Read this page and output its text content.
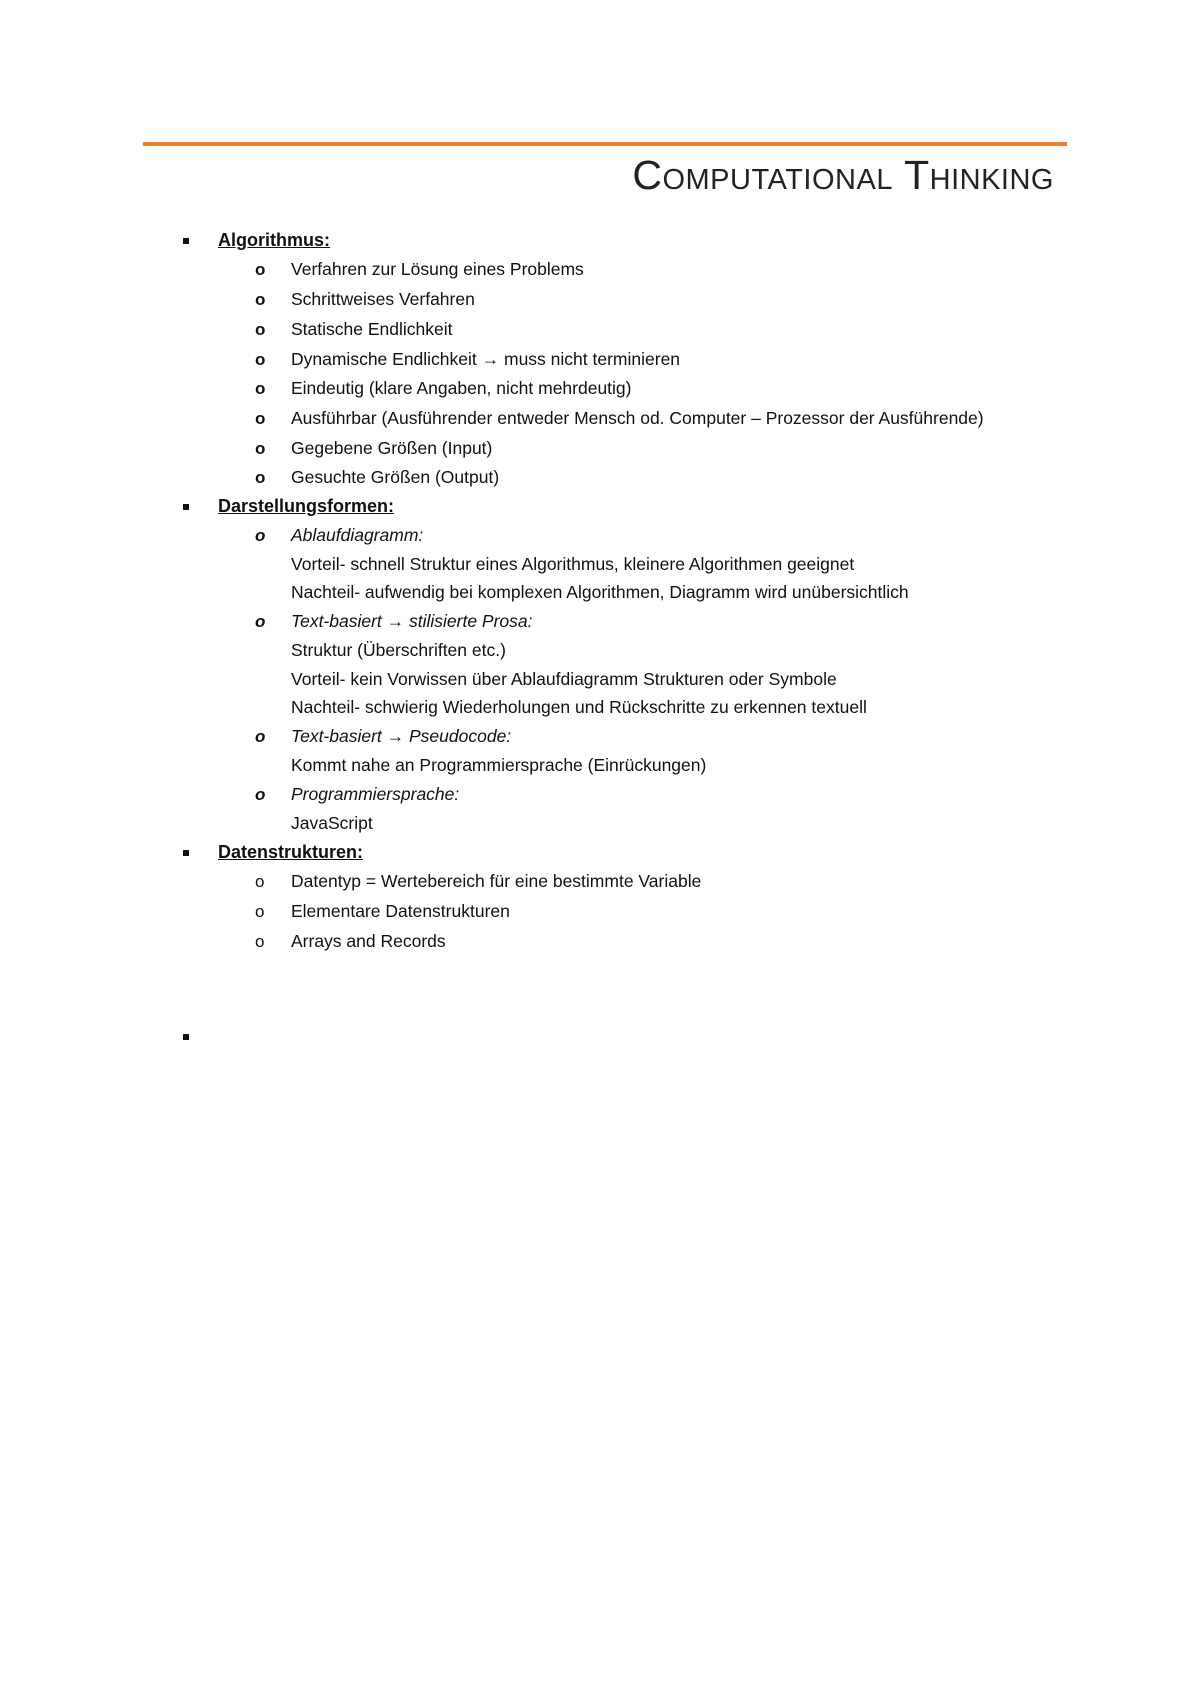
Computational Thinking
Algorithmus:
o Verfahren zur Lösung eines Problems
o Schrittweises Verfahren
o Statische Endlichkeit
o Dynamische Endlichkeit → muss nicht terminieren
o Eindeutig (klare Angaben, nicht mehrdeutig)
o Ausführbar (Ausführender entweder Mensch od. Computer – Prozessor der Ausführende)
o Gegebene Größen (Input)
o Gesuchte Größen (Output)
Darstellungsformen:
o Ablaufdiagramm:
Vorteil- schnell Struktur eines Algorithmus, kleinere Algorithmen geeignet
Nachteil- aufwendig bei komplexen Algorithmen, Diagramm wird unübersichtlich
o Text-basiert → stilisierte Prosa:
Struktur (Überschriften etc.)
Vorteil- kein Vorwissen über Ablaufdiagramm Strukturen oder Symbole
Nachteil- schwierig Wiederholungen und Rückschritte zu erkennen textuell
o Text-basiert → Pseudocode:
Kommt nahe an Programmiersprache (Einrückungen)
o Programmiersprache:
JavaScript
Datenstrukturen:
o Datentyp = Wertebereich für eine bestimmte Variable
o Elementare Datenstrukturen
o Arrays and Records
